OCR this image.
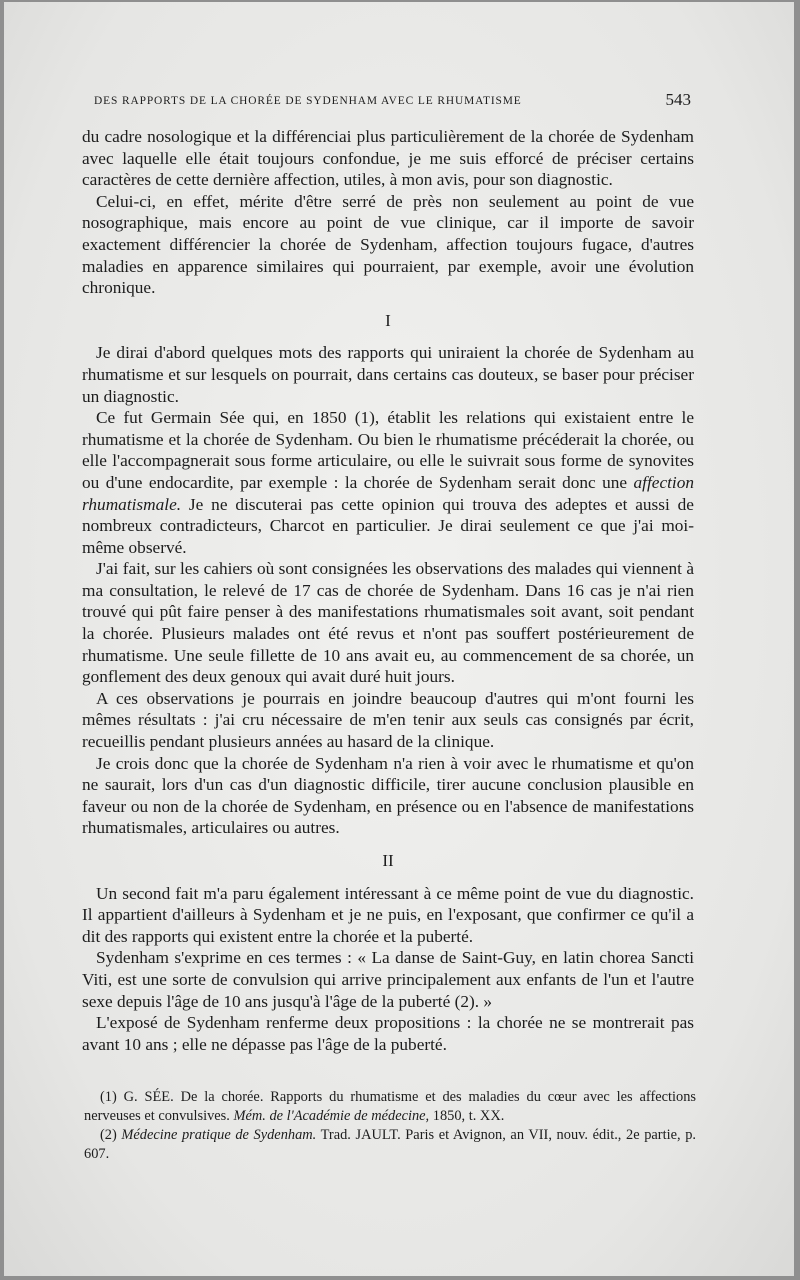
DES RAPPORTS DE LA CHORÉE DE SYDENHAM AVEC LE RHUMATISME	543

du cadre nosologique et la différenciai plus particulièrement de la chorée de Sydenham avec laquelle elle était toujours confondue, je me suis efforcé de préciser certains caractères de cette dernière affection, utiles, à mon avis, pour son diagnostic.

Celui-ci, en effet, mérite d'être serré de près non seulement au point de vue nosographique, mais encore au point de vue clinique, car il importe de savoir exactement différencier la chorée de Sydenham, affection toujours fugace, d'autres maladies en apparence similaires qui pourraient, par exemple, avoir une évolution chronique.

I

Je dirai d'abord quelques mots des rapports qui uniraient la chorée de Sydenham au rhumatisme et sur lesquels on pourrait, dans certains cas douteux, se baser pour préciser un diagnostic.

Ce fut Germain Sée qui, en 1850 (1), établit les relations qui existaient entre le rhumatisme et la chorée de Sydenham. Ou bien le rhumatisme précéderait la chorée, ou elle l'accompagnerait sous forme articulaire, ou elle le suivrait sous forme de synovites ou d'une endocardite, par exemple : la chorée de Sydenham serait donc une affection rhumatismale. Je ne discuterai pas cette opinion qui trouva des adeptes et aussi de nombreux contradicteurs, Charcot en particulier. Je dirai seulement ce que j'ai moi-même observé.

J'ai fait, sur les cahiers où sont consignées les observations des malades qui viennent à ma consultation, le relevé de 17 cas de chorée de Sydenham. Dans 16 cas je n'ai rien trouvé qui pût faire penser à des manifestations rhumatismales soit avant, soit pendant la chorée. Plusieurs malades ont été revus et n'ont pas souffert postérieurement de rhumatisme. Une seule fillette de 10 ans avait eu, au commencement de sa chorée, un gonflement des deux genoux qui avait duré huit jours.

A ces observations je pourrais en joindre beaucoup d'autres qui m'ont fourni les mêmes résultats : j'ai cru nécessaire de m'en tenir aux seuls cas consignés par écrit, recueillis pendant plusieurs années au hasard de la clinique.

Je crois donc que la chorée de Sydenham n'a rien à voir avec le rhumatisme et qu'on ne saurait, lors d'un cas d'un diagnostic difficile, tirer aucune conclusion plausible en faveur ou non de la chorée de Sydenham, en présence ou en l'absence de manifestations rhumatismales, articulaires ou autres.

II

Un second fait m'a paru également intéressant à ce même point de vue du diagnostic. Il appartient d'ailleurs à Sydenham et je ne puis, en l'exposant, que confirmer ce qu'il a dit des rapports qui existent entre la chorée et la puberté.

Sydenham s'exprime en ces termes : « La danse de Saint-Guy, en latin chorea Sancti Viti, est une sorte de convulsion qui arrive principalement aux enfants de l'un et l'autre sexe depuis l'âge de 10 ans jusqu'à l'âge de la puberté (2). »

L'exposé de Sydenham renferme deux propositions : la chorée ne se montrerait pas avant 10 ans ; elle ne dépasse pas l'âge de la puberté.

(1) G. SÉE. De la chorée. Rapports du rhumatisme et des maladies du cœur avec les affections nerveuses et convulsives. Mém. de l'Académie de médecine, 1850, t. XX.

(2) Médecine pratique de Sydenham. Trad. JAULT. Paris et Avignon, an VII, nouv. édit., 2e partie, p. 607.
